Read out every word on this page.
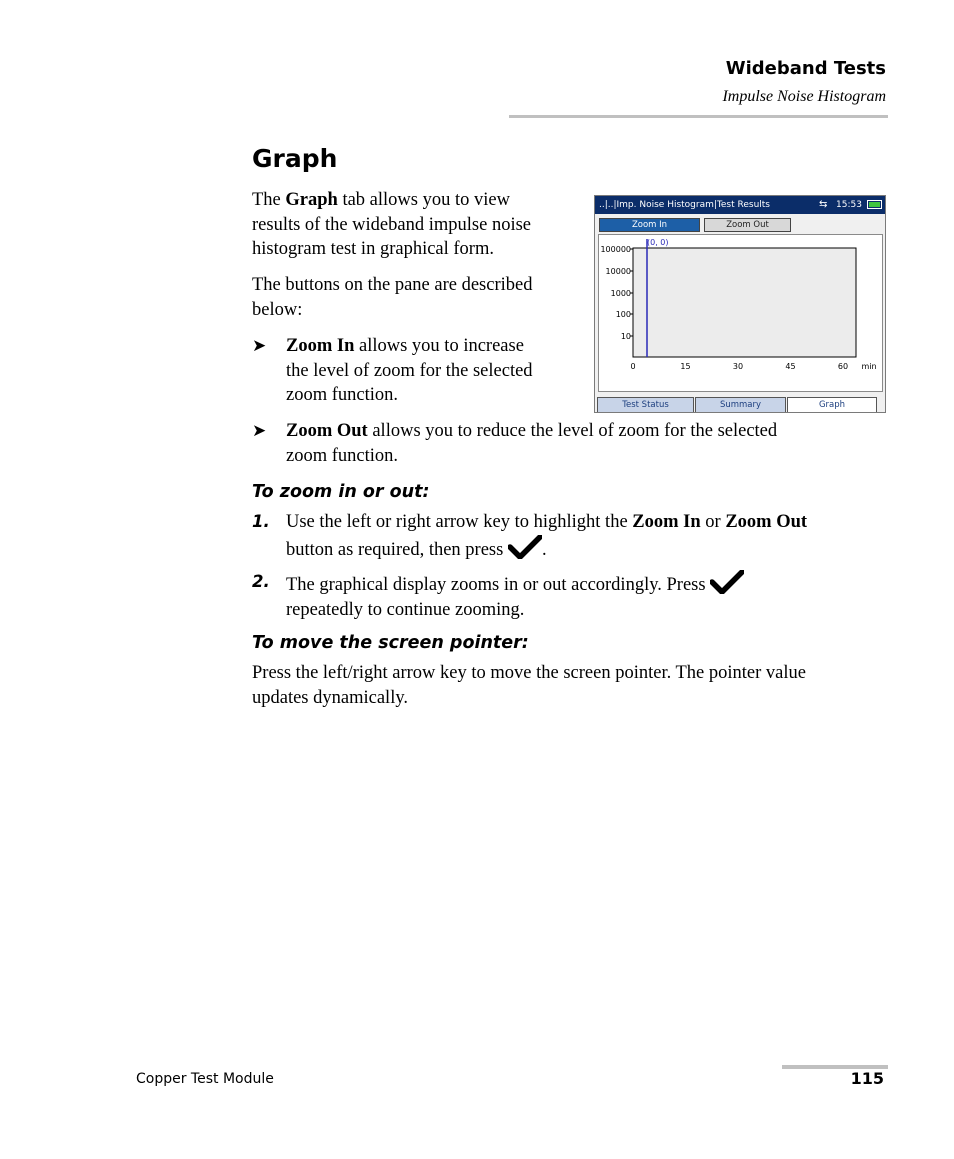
Wideband Tests
Impulse Noise Histogram
Graph

The Graph tab allows you to view
results of the wideband impulse noise
histogram test in graphical form.

The buttons on the pane are described
below:

➤ Zoom In allows you to increase
the level of zoom for the selected
zoom function.
➤ Zoom Out allows you to reduce the level of zoom for the selected
zoom function.
To zoom in or out:
1. Use the left or right arrow key to highlight the Zoom In or Zoom Out
button as required, then press .
2. The graphical display zooms in or out accordingly. Press
repeatedly to continue zooming.
To move the screen pointer:

Press the left/right arrow key to move the screen pointer. The pointer value
updates dynamically.

..|..|Imp. Noise Histogram|Test Results	⇆ 15:53
Zoom In	Zoom Out
100000
10000
1000
100
10
0	15	30	45	60 min
(0, 0)
Test Status	Summary	Graph
Copper Test Module	115
